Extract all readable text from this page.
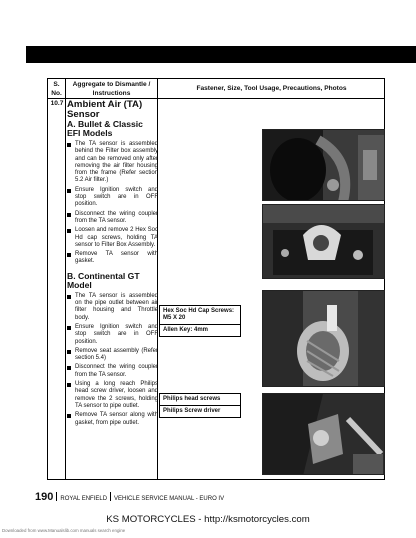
S.
No.
Aggregate to Dismantle /
Instructions
Fastener, Size, Tool Usage, Precautions, Photos
10.7 Ambient Air (TA)
Sensor
A. Bullet & Classic
EFI Models
The TA sensor is assembled behind the Filter box assembly and can be removed only after removing the air filter housing from the frame (Refer section 5.2 Air filter.)
Ensure Ignition switch and stop switch are in OFF position.
Disconnect the wiring coupler from the TA sensor.
Loosen and remove 2 Hex Soc Hd cap screws, holding TA sensor to Filter Box Assembly.
Remove TA sensor with gasket.
B. Continental GT
Model
The TA sensor is assembled on the pipe outlet between air filter housing and Throttle body.
Ensure Ignition switch and stop switch are in OFF position.
Remove seat assembly (Refer section 5.4)
Disconnect the wiring coupler from the TA sensor.
Using a long reach Philips head screw driver, loosen and remove the 2 screws, holding TA sensor to pipe outlet.
Remove TA sensor along with gasket, from pipe outlet.
Hex Soc Hd Cap Screws: M5 X 20
Allen Key: 4mm
Philips head screws
Philips Screw driver
190 ROYAL ENFIELD VEHICLE SERVICE MANUAL - EURO IV
KS MOTORCYCLES - http://ksmotorcycles.com
Downloaded from www.Manualslib.com manuals search engine
